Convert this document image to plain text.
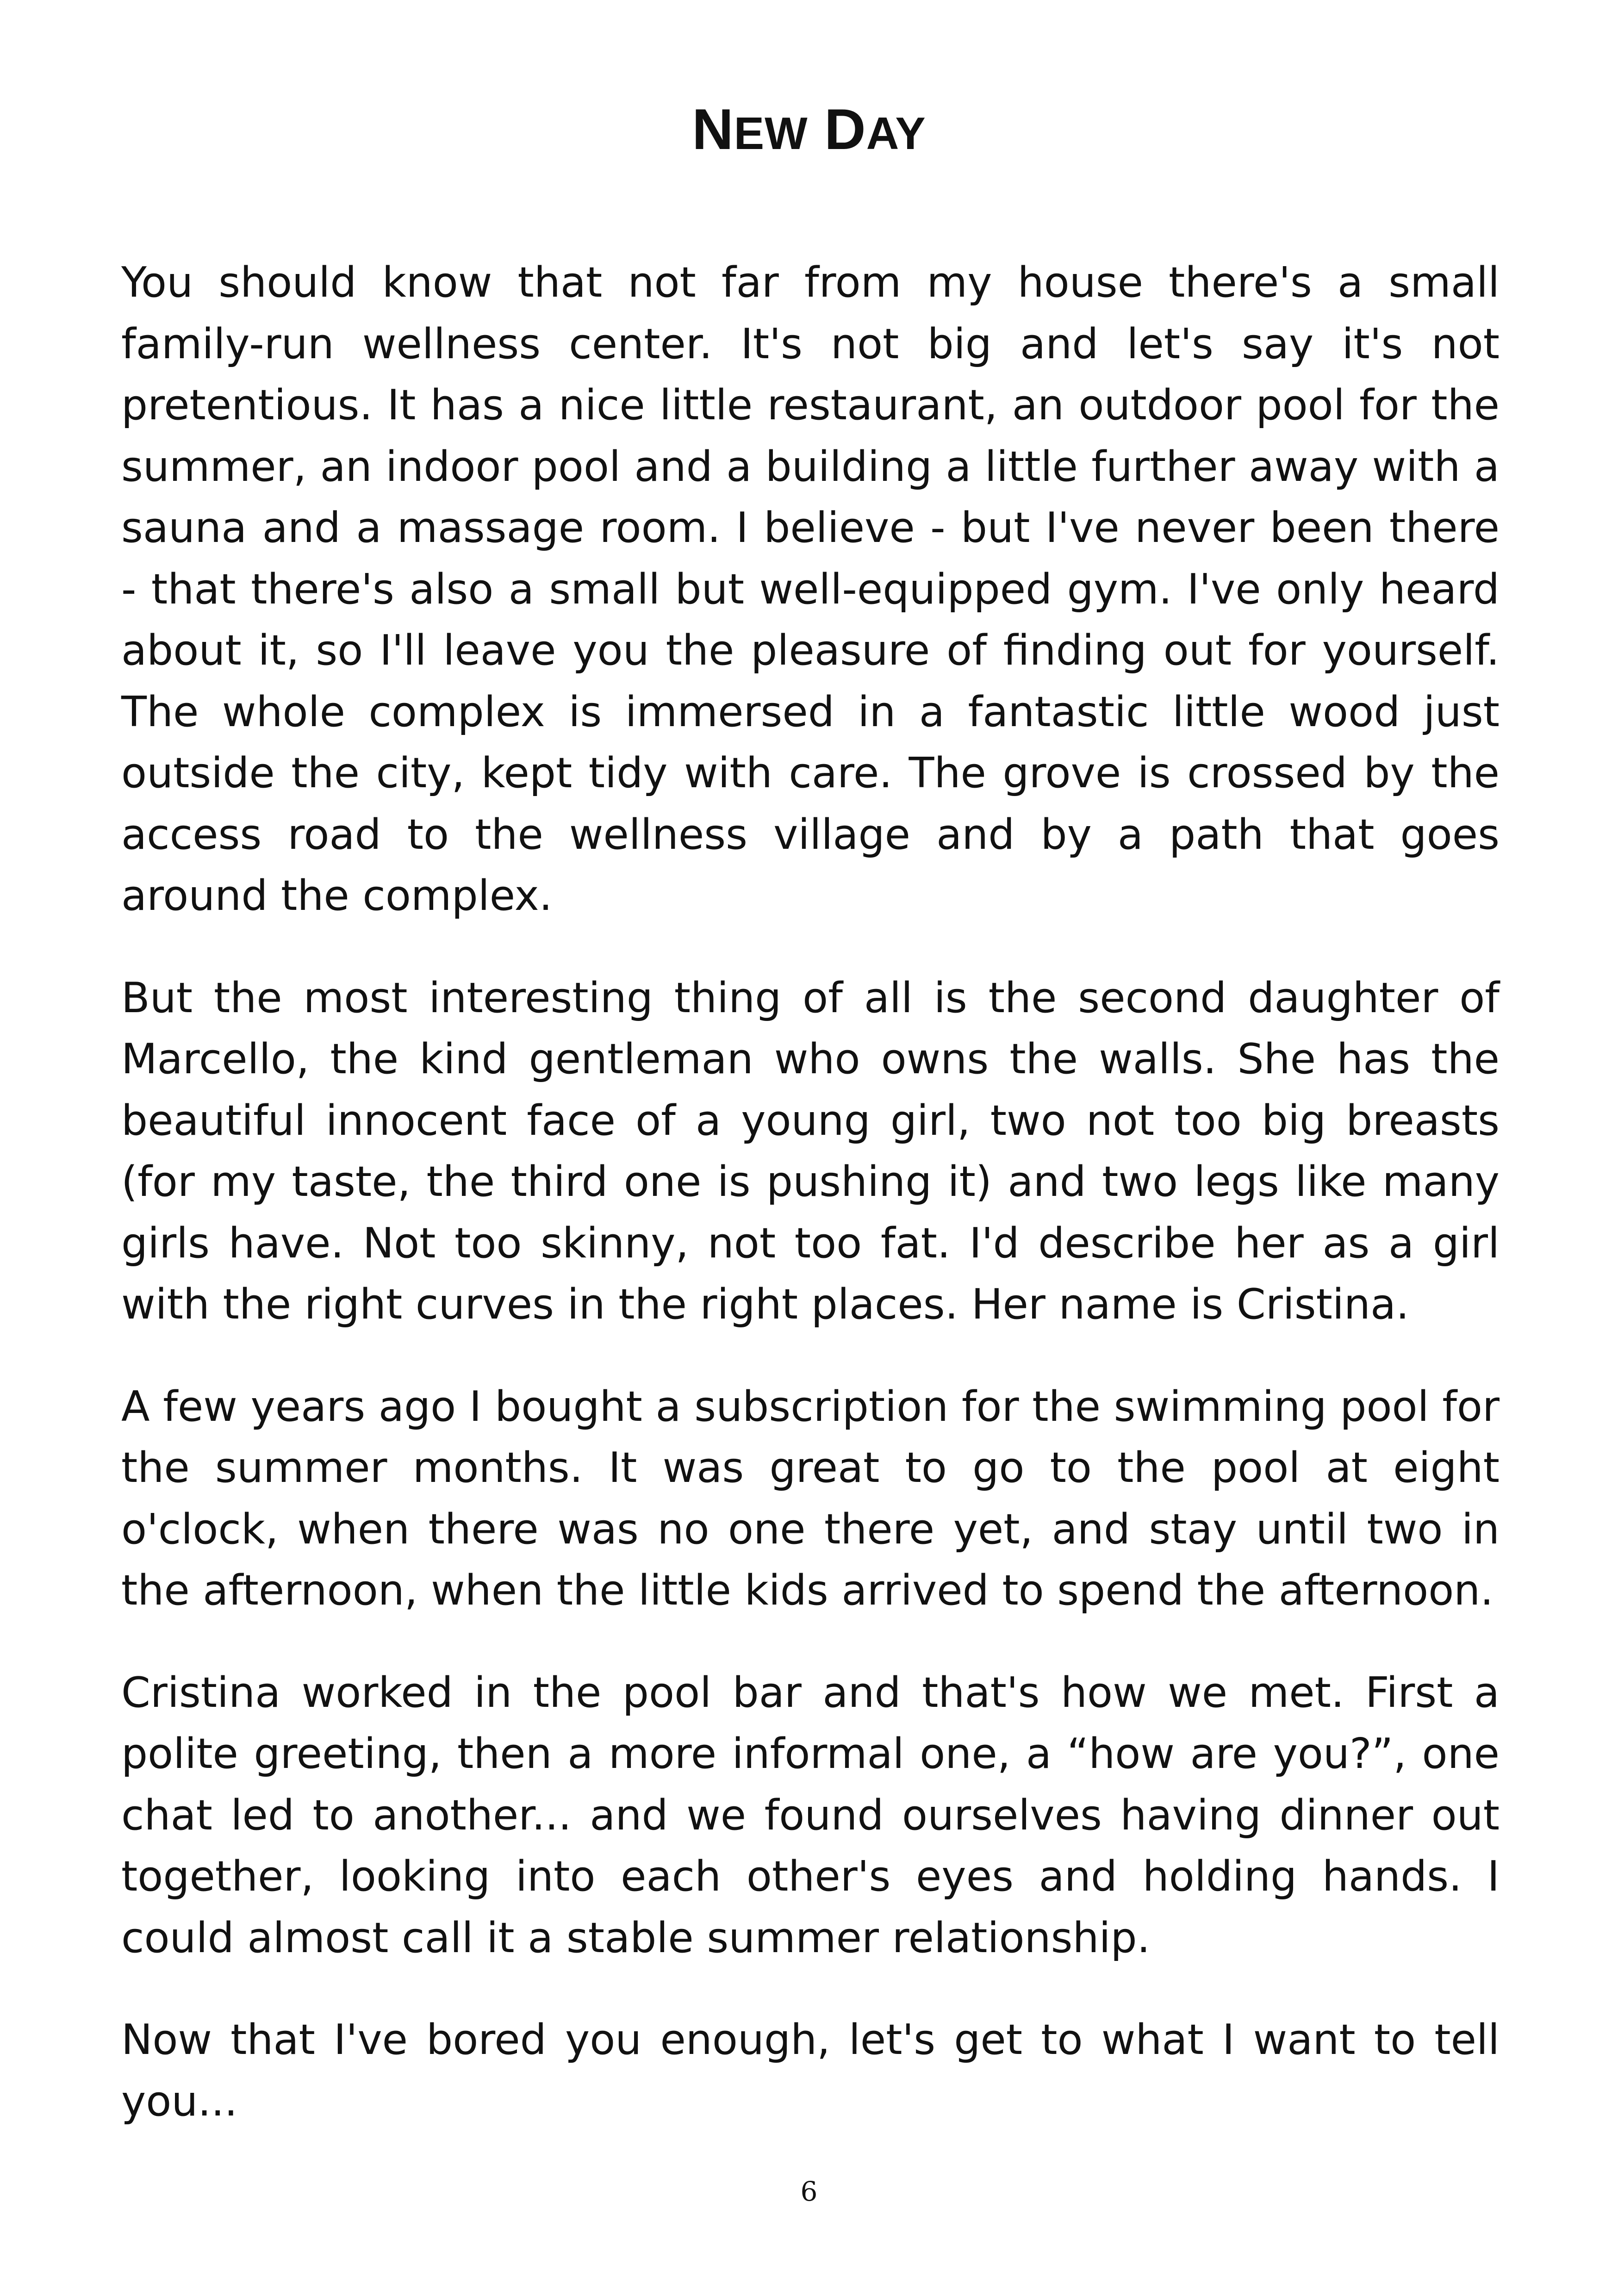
NEW DAY

You should know that not far from my house there's a small family-run wellness center. It's not big and let's say it's not pretentious. It has a nice little restaurant, an outdoor pool for the summer, an indoor pool and a building a little further away with a sauna and a massage room. I believe - but I've never been there - that there's also a small but well-equipped gym. I've only heard about it, so I'll leave you the pleasure of finding out for yourself. The whole complex is immersed in a fantastic little wood just outside the city, kept tidy with care. The grove is crossed by the access road to the wellness village and by a path that goes around the complex.

But the most interesting thing of all is the second daughter of Marcello, the kind gentleman who owns the walls. She has the beautiful innocent face of a young girl, two not too big breasts (for my taste, the third one is pushing it) and two legs like many girls have. Not too skinny, not too fat. I'd describe her as a girl with the right curves in the right places. Her name is Cristina.

A few years ago I bought a subscription for the swimming pool for the summer months. It was great to go to the pool at eight o'clock, when there was no one there yet, and stay until two in the afternoon, when the little kids arrived to spend the afternoon.

Cristina worked in the pool bar and that's how we met. First a polite greeting, then a more informal one, a “how are you?”, one chat led to another... and we found ourselves having dinner out together, looking into each other's eyes and holding hands. I could almost call it a stable summer relationship.

Now that I've bored you enough, let's get to what I want to tell you...

6
